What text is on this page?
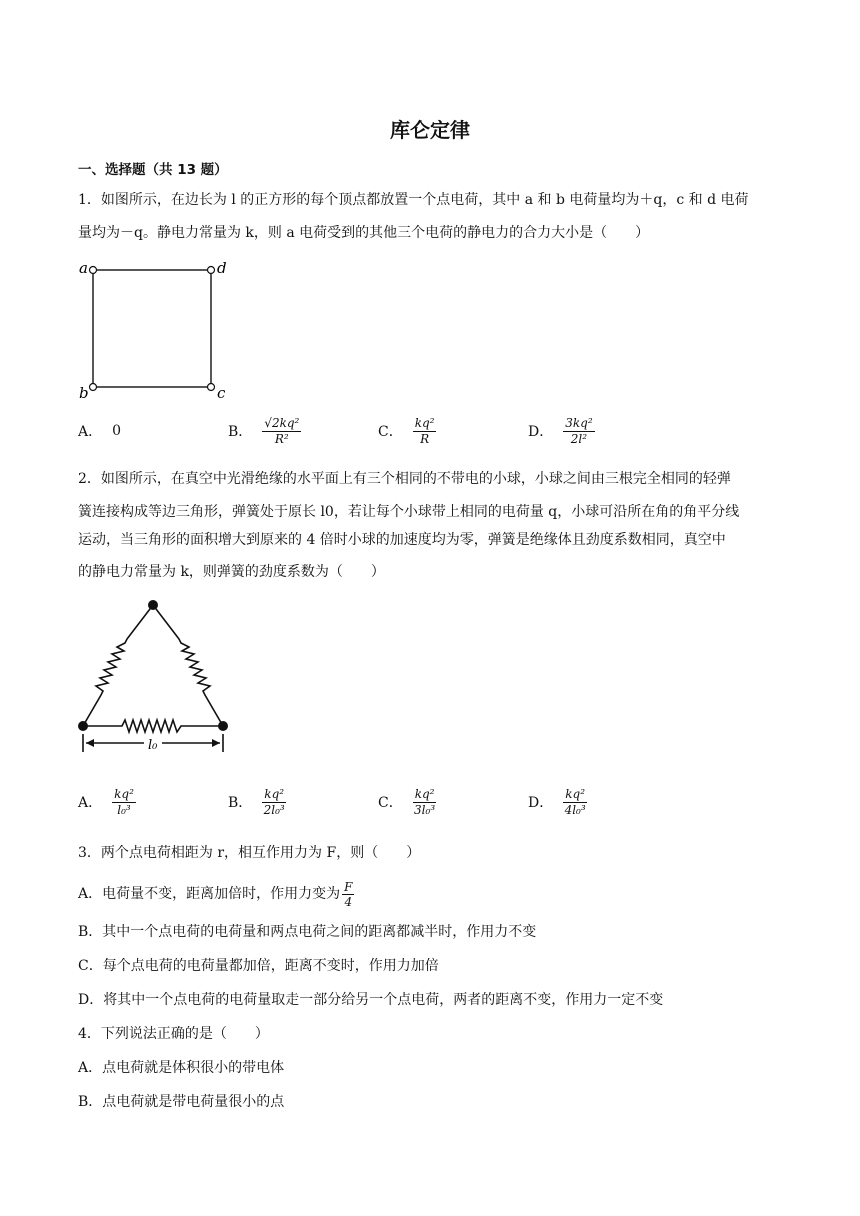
库仑定律
一、选择题（共 13 题）
1．如图所示，在边长为 l 的正方形的每个顶点都放置一个点电荷，其中 a 和 b 电荷量均为＋q，c 和 d 电荷
量均为－q。静电力常量为 k，则 a 电荷受到的其他三个电荷的静电力的合力大小是（　　）
a	d
b	c
A． 0	B． $\frac{\text{√2kq²}}{\text{R²}}$	C． $\frac{\text{kq²}}{R}$	D． $\frac{\text{3kq²}}{\text{2l²}}$
2．如图所示，在真空中光滑绝缘的水平面上有三个相同的不带电的小球，小球之间由三根完全相同的轻弹
簧连接构成等边三角形，弹簧处于原长 l0，若让每个小球带上相同的电荷量 q，小球可沿所在角的角平分线
运动，当三角形的面积增大到原来的 4 倍时小球的加速度均为零，弹簧是绝缘体且劲度系数相同，真空中
的静电力常量为 k，则弹簧的劲度系数为（　　）
l₀
A． $\frac{\text{kq²}}{\text{l₀³}}$	B． $\frac{\text{kq²}}{\text{2l₀³}}$	C． $\frac{\text{kq²}}{\text{3l₀³}}$	D． $\frac{\text{kq²}}{\text{4l₀³}}$
3．两个点电荷相距为 r，相互作用力为 F，则（　　）
A．电荷量不变，距离加倍时，作用力变为 $\frac{F}{4}$
B．其中一个点电荷的电荷量和两点电荷之间的距离都减半时，作用力不变
C．每个点电荷的电荷量都加倍，距离不变时，作用力加倍
D．将其中一个点电荷的电荷量取走一部分给另一个点电荷，两者的距离不变，作用力一定不变
4．下列说法正确的是（　　）
A．点电荷就是体积很小的带电体
B．点电荷就是带电荷量很小的点
